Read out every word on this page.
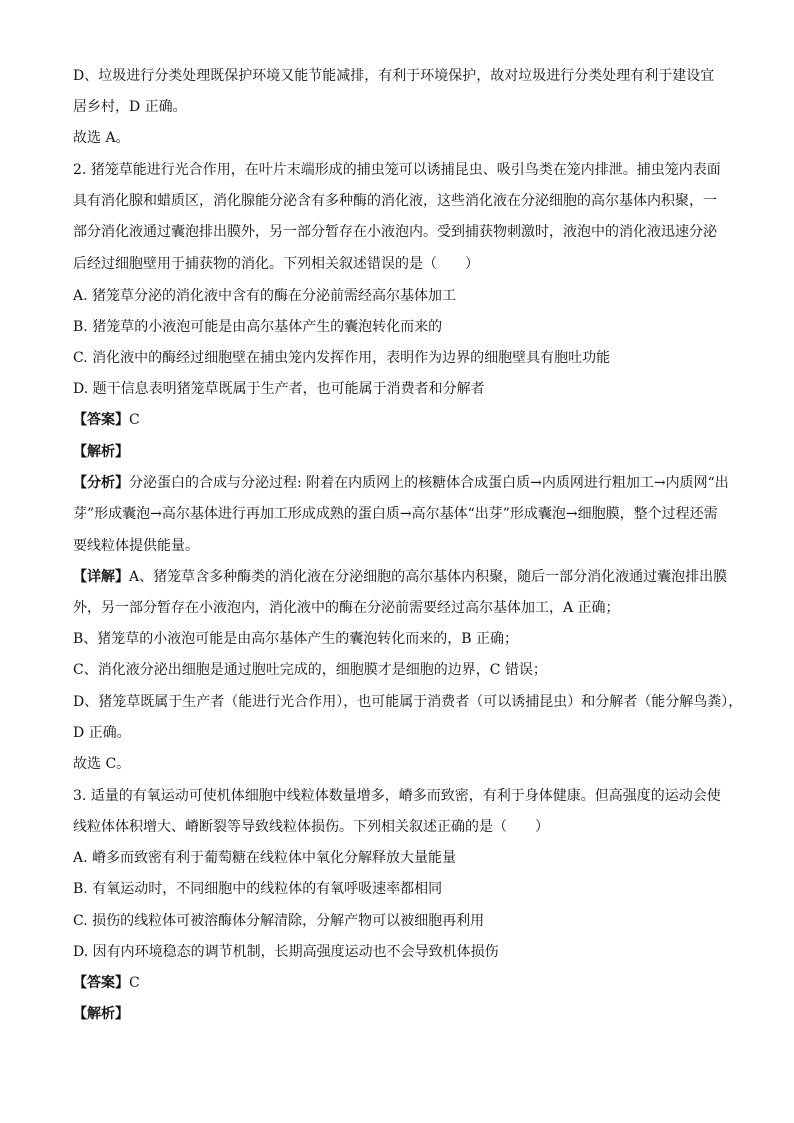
D、垃圾进行分类处理既保护环境又能节能减排，有利于环境保护，故对垃圾进行分类处理有利于建设宜
居乡村，D 正确。
故选 A。
2. 猪笼草能进行光合作用，在叶片末端形成的捕虫笼可以诱捕昆虫、吸引鸟类在笼内排泄。捕虫笼内表面
具有消化腺和蜡质区，消化腺能分泌含有多种酶的消化液，这些消化液在分泌细胞的高尔基体内积聚，一
部分消化液通过囊泡排出膜外，另一部分暂存在小液泡内。受到捕获物刺激时，液泡中的消化液迅速分泌
后经过细胞壁用于捕获物的消化。下列相关叙述错误的是（　　）
A. 猪笼草分泌的消化液中含有的酶在分泌前需经高尔基体加工
B. 猪笼草的小液泡可能是由高尔基体产生的囊泡转化而来的
C. 消化液中的酶经过细胞壁在捕虫笼内发挥作用，表明作为边界的细胞壁具有胞吐功能
D. 题干信息表明猪笼草既属于生产者，也可能属于消费者和分解者
【答案】C
【解析】
【分析】分泌蛋白的合成与分泌过程: 附着在内质网上的核糖体合成蛋白质→内质网进行粗加工→内质网“出
芽”形成囊泡→高尔基体进行再加工形成成熟的蛋白质→高尔基体“出芽”形成囊泡→细胞膜，整个过程还需
要线粒体提供能量。
【详解】A、猪笼草含多种酶类的消化液在分泌细胞的高尔基体内积聚，随后一部分消化液通过囊泡排出膜
外，另一部分暂存在小液泡内，消化液中的酶在分泌前需要经过高尔基体加工，A 正确；
B、猪笼草的小液泡可能是由高尔基体产生的囊泡转化而来的，B 正确；
C、消化液分泌出细胞是通过胞吐完成的，细胞膜才是细胞的边界，C 错误；
D、猪笼草既属于生产者（能进行光合作用），也可能属于消费者（可以诱捕昆虫）和分解者（能分解鸟粪），
D 正确。
故选 C。
3. 适量的有氧运动可使机体细胞中线粒体数量增多，嵴多而致密，有利于身体健康。但高强度的运动会使
线粒体体积增大、嵴断裂等导致线粒体损伤。下列相关叙述正确的是（　　）
A. 嵴多而致密有利于葡萄糖在线粒体中氧化分解释放大量能量
B. 有氧运动时，不同细胞中的线粒体的有氧呼吸速率都相同
C. 损伤的线粒体可被溶酶体分解清除，分解产物可以被细胞再利用
D. 因有内环境稳态的调节机制，长期高强度运动也不会导致机体损伤
【答案】C
【解析】
